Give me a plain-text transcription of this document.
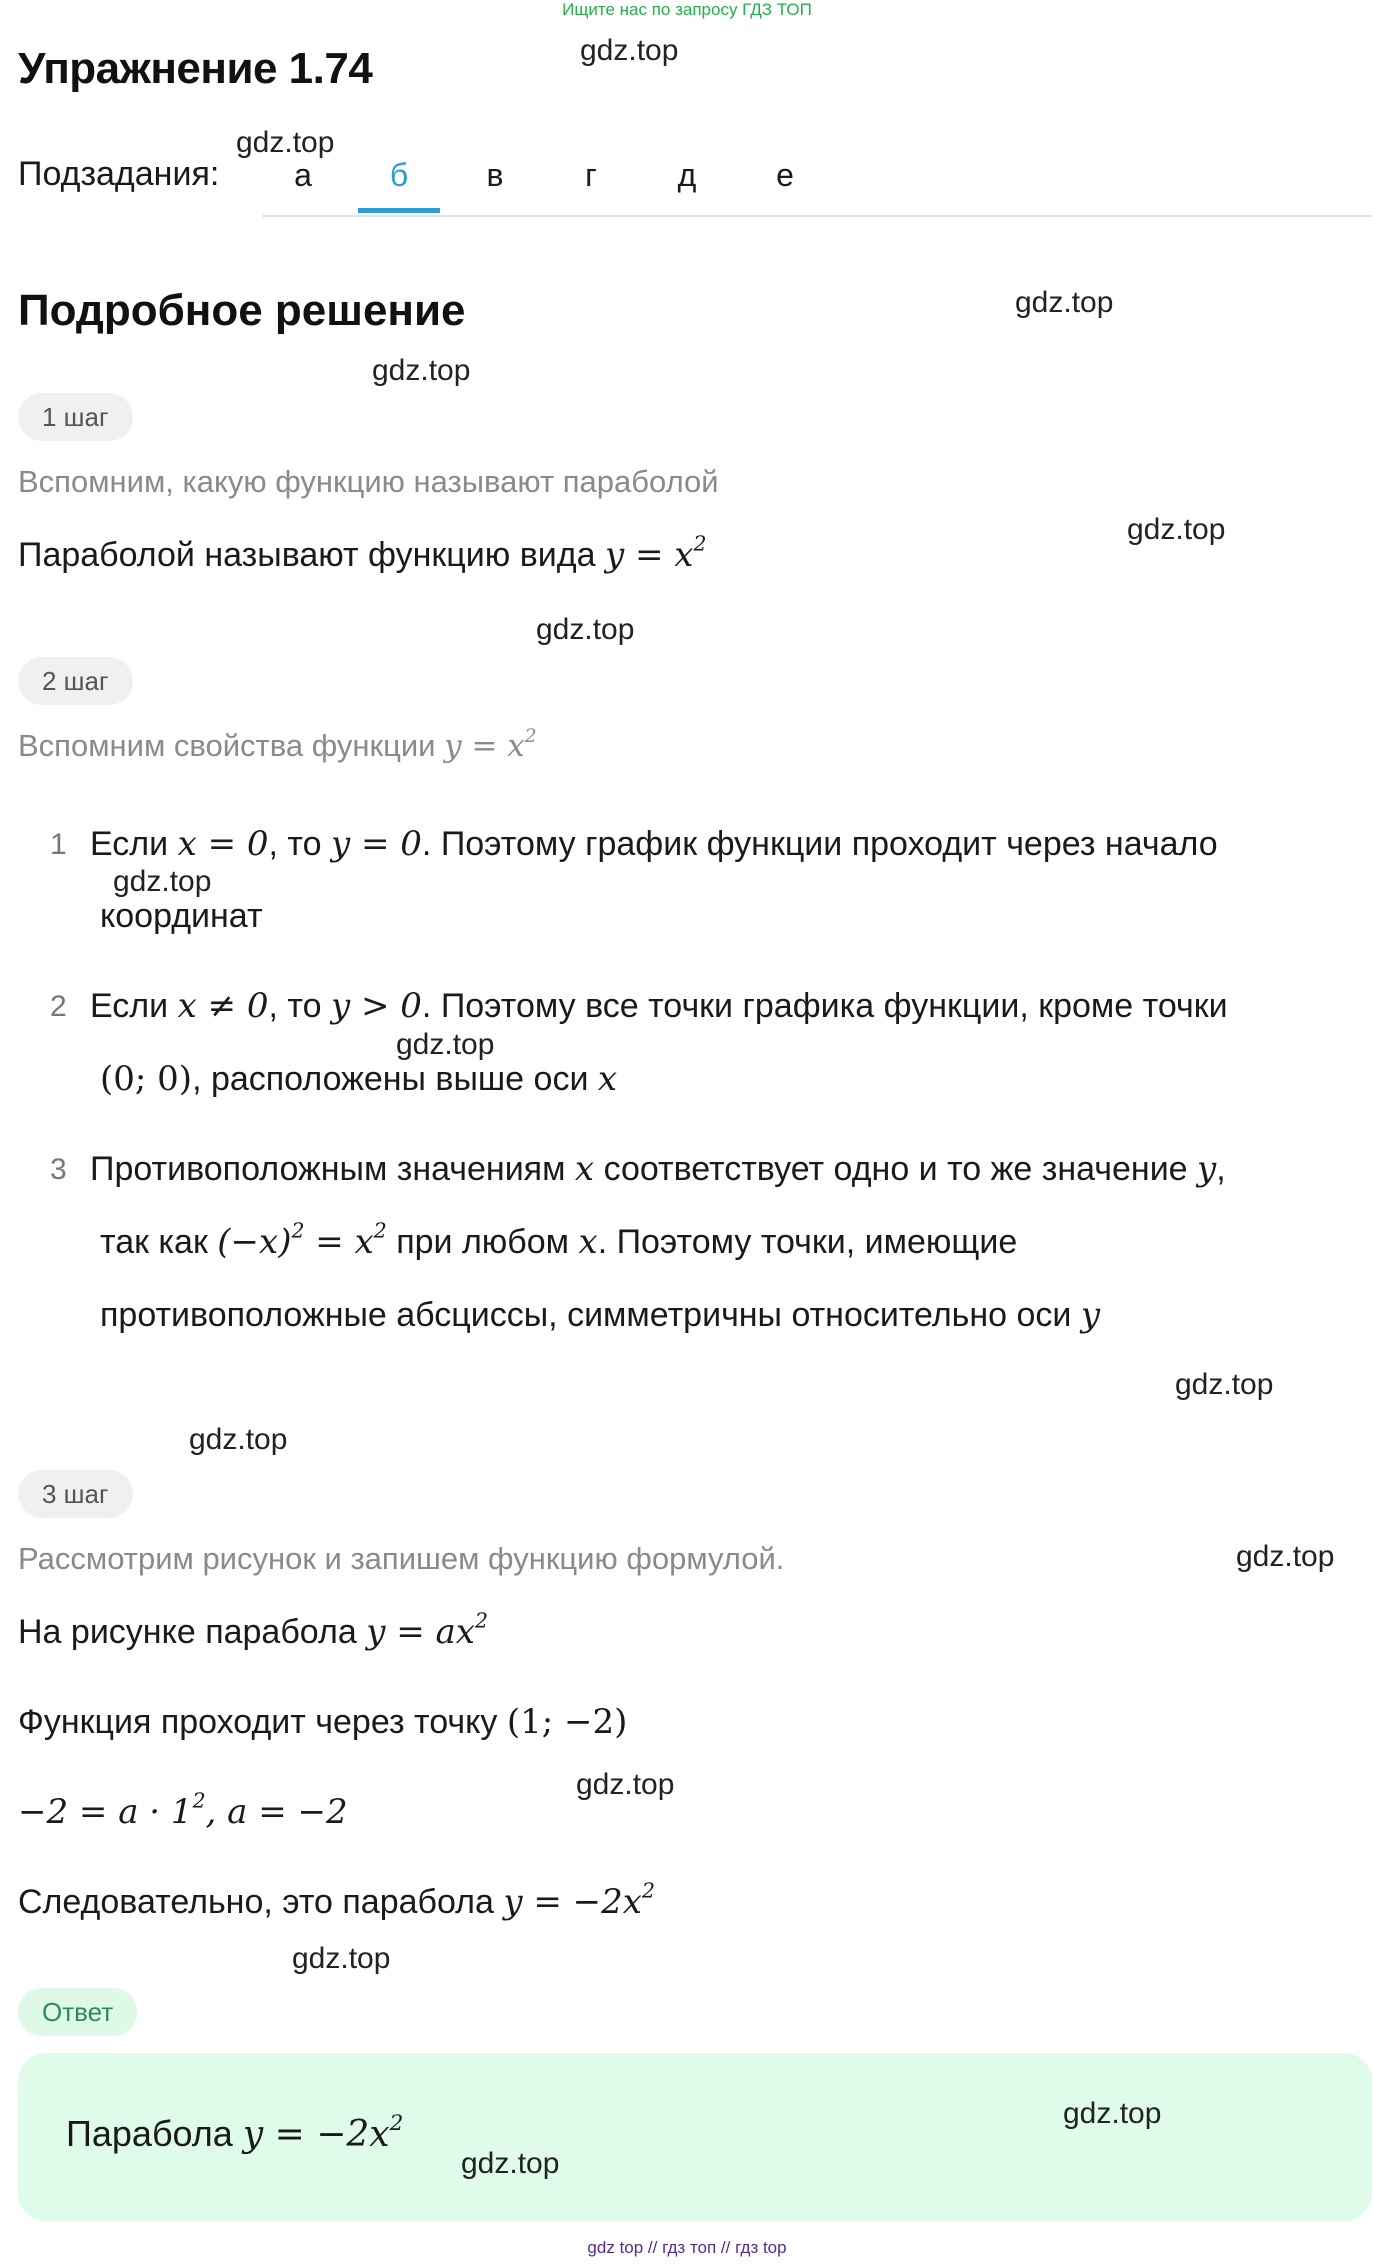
Ищите нас по запросу ГДЗ ТОП
Упражнение 1.74
Подзадания:	а	б	в	г	д	е
Подробное решение
1 шаг
Вспомним, какую функцию называют параболой
Параболой называют функцию вида $y = x^2$
2 шаг
Вспомним свойства функции $y = x^2$
1 Если x = 0, то y = 0. Поэтому график функции проходит через начало
координат
2 Если x ≠ 0, то y > 0. Поэтому все точки графика функции, кроме точки
(0; 0), расположены выше оси x
3 Противоположным значениям x соответствует одно и то же значение y,
так как $(-x)^2 = x^2$ при любом x. Поэтому точки, имеющие
противоположные абсциссы, симметричны относительно оси y
3 шаг
Рассмотрим рисунок и запишем функцию формулой.
На рисунке парабола $y = ax^2$
Функция проходит через точку (1; −2)
$-2 = a \cdot 1^2$, a = −2
Следовательно, это парабола $y = -2x^2$
Ответ
Парабола $y = -2x^2$
gdz.top
gdz.top
gdz.top
gdz.top
gdz.top
gdz.top
gdz.top
gdz.top
gdz.top
gdz.top
gdz.top
gdz.top
gdz.top
gdz.top
gdz.top
gdz top // гдз топ // гдз top
